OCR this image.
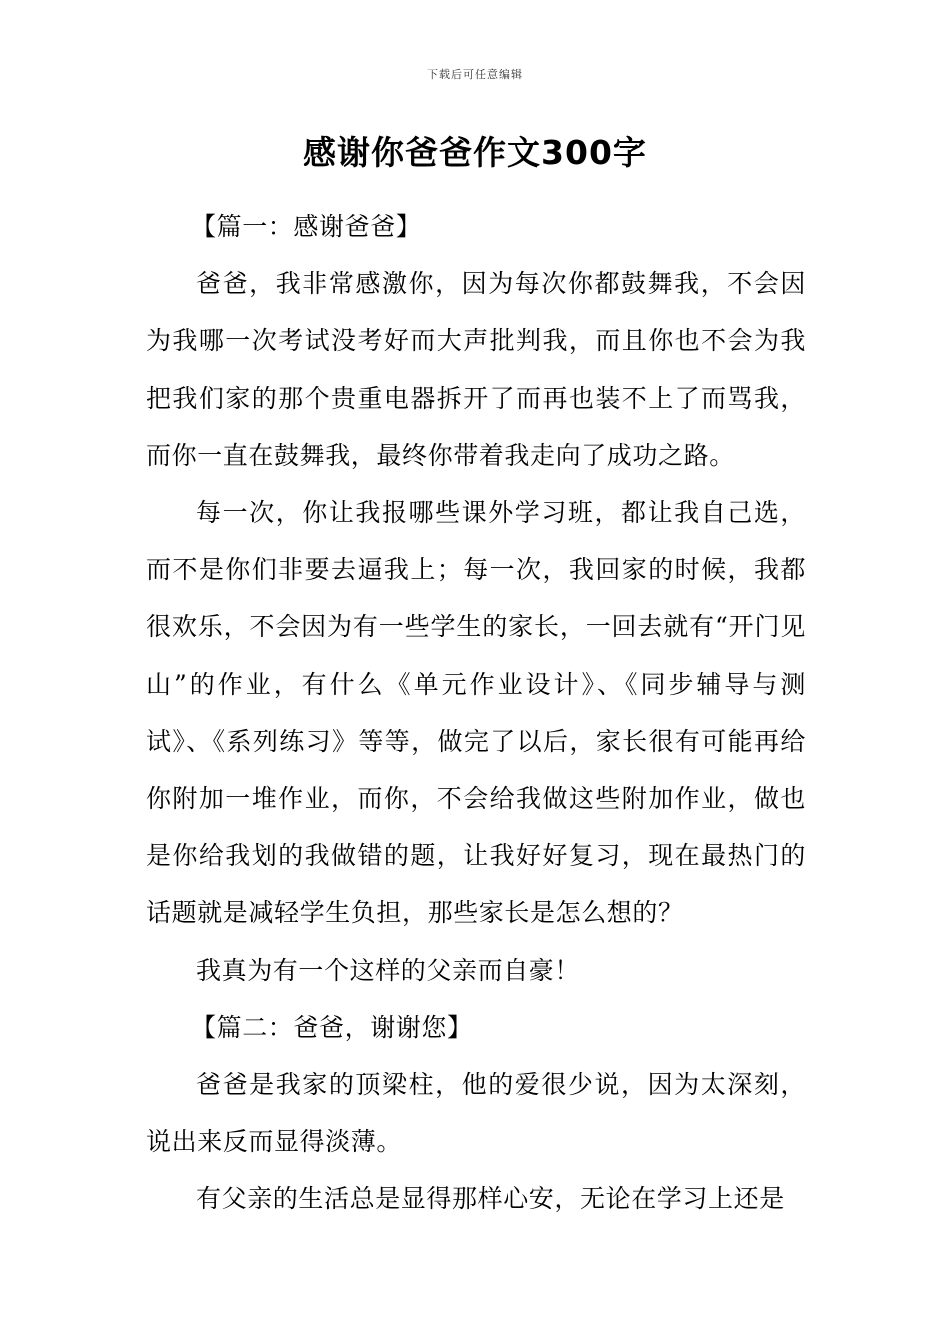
下载后可任意编辑
感谢你爸爸作文300字

【篇一：感谢爸爸】

爸爸，我非常感激你，因为每次你都鼓舞我，不会因为我哪一次考试没考好而大声批判我，而且你也不会为我把我们家的那个贵重电器拆开了而再也装不上了而骂我，而你一直在鼓舞我，最终你带着我走向了成功之路。

每一次，你让我报哪些课外学习班，都让我自己选，而不是你们非要去逼我上；每一次，我回家的时候，我都很欢乐，不会因为有一些学生的家长，一回去就有“开门见山”的作业，有什么《单元作业设计》、《同步辅导与测试》、《系列练习》等等，做完了以后，家长很有可能再给你附加一堆作业，而你，不会给我做这些附加作业，做也是你给我划的我做错的题，让我好好复习，现在最热门的话题就是减轻学生负担，那些家长是怎么想的？

我真为有一个这样的父亲而自豪！

【篇二：爸爸，谢谢您】

爸爸是我家的顶梁柱，他的爱很少说，因为太深刻，说出来反而显得淡薄。

有父亲的生活总是显得那样心安，无论在学习上还是
